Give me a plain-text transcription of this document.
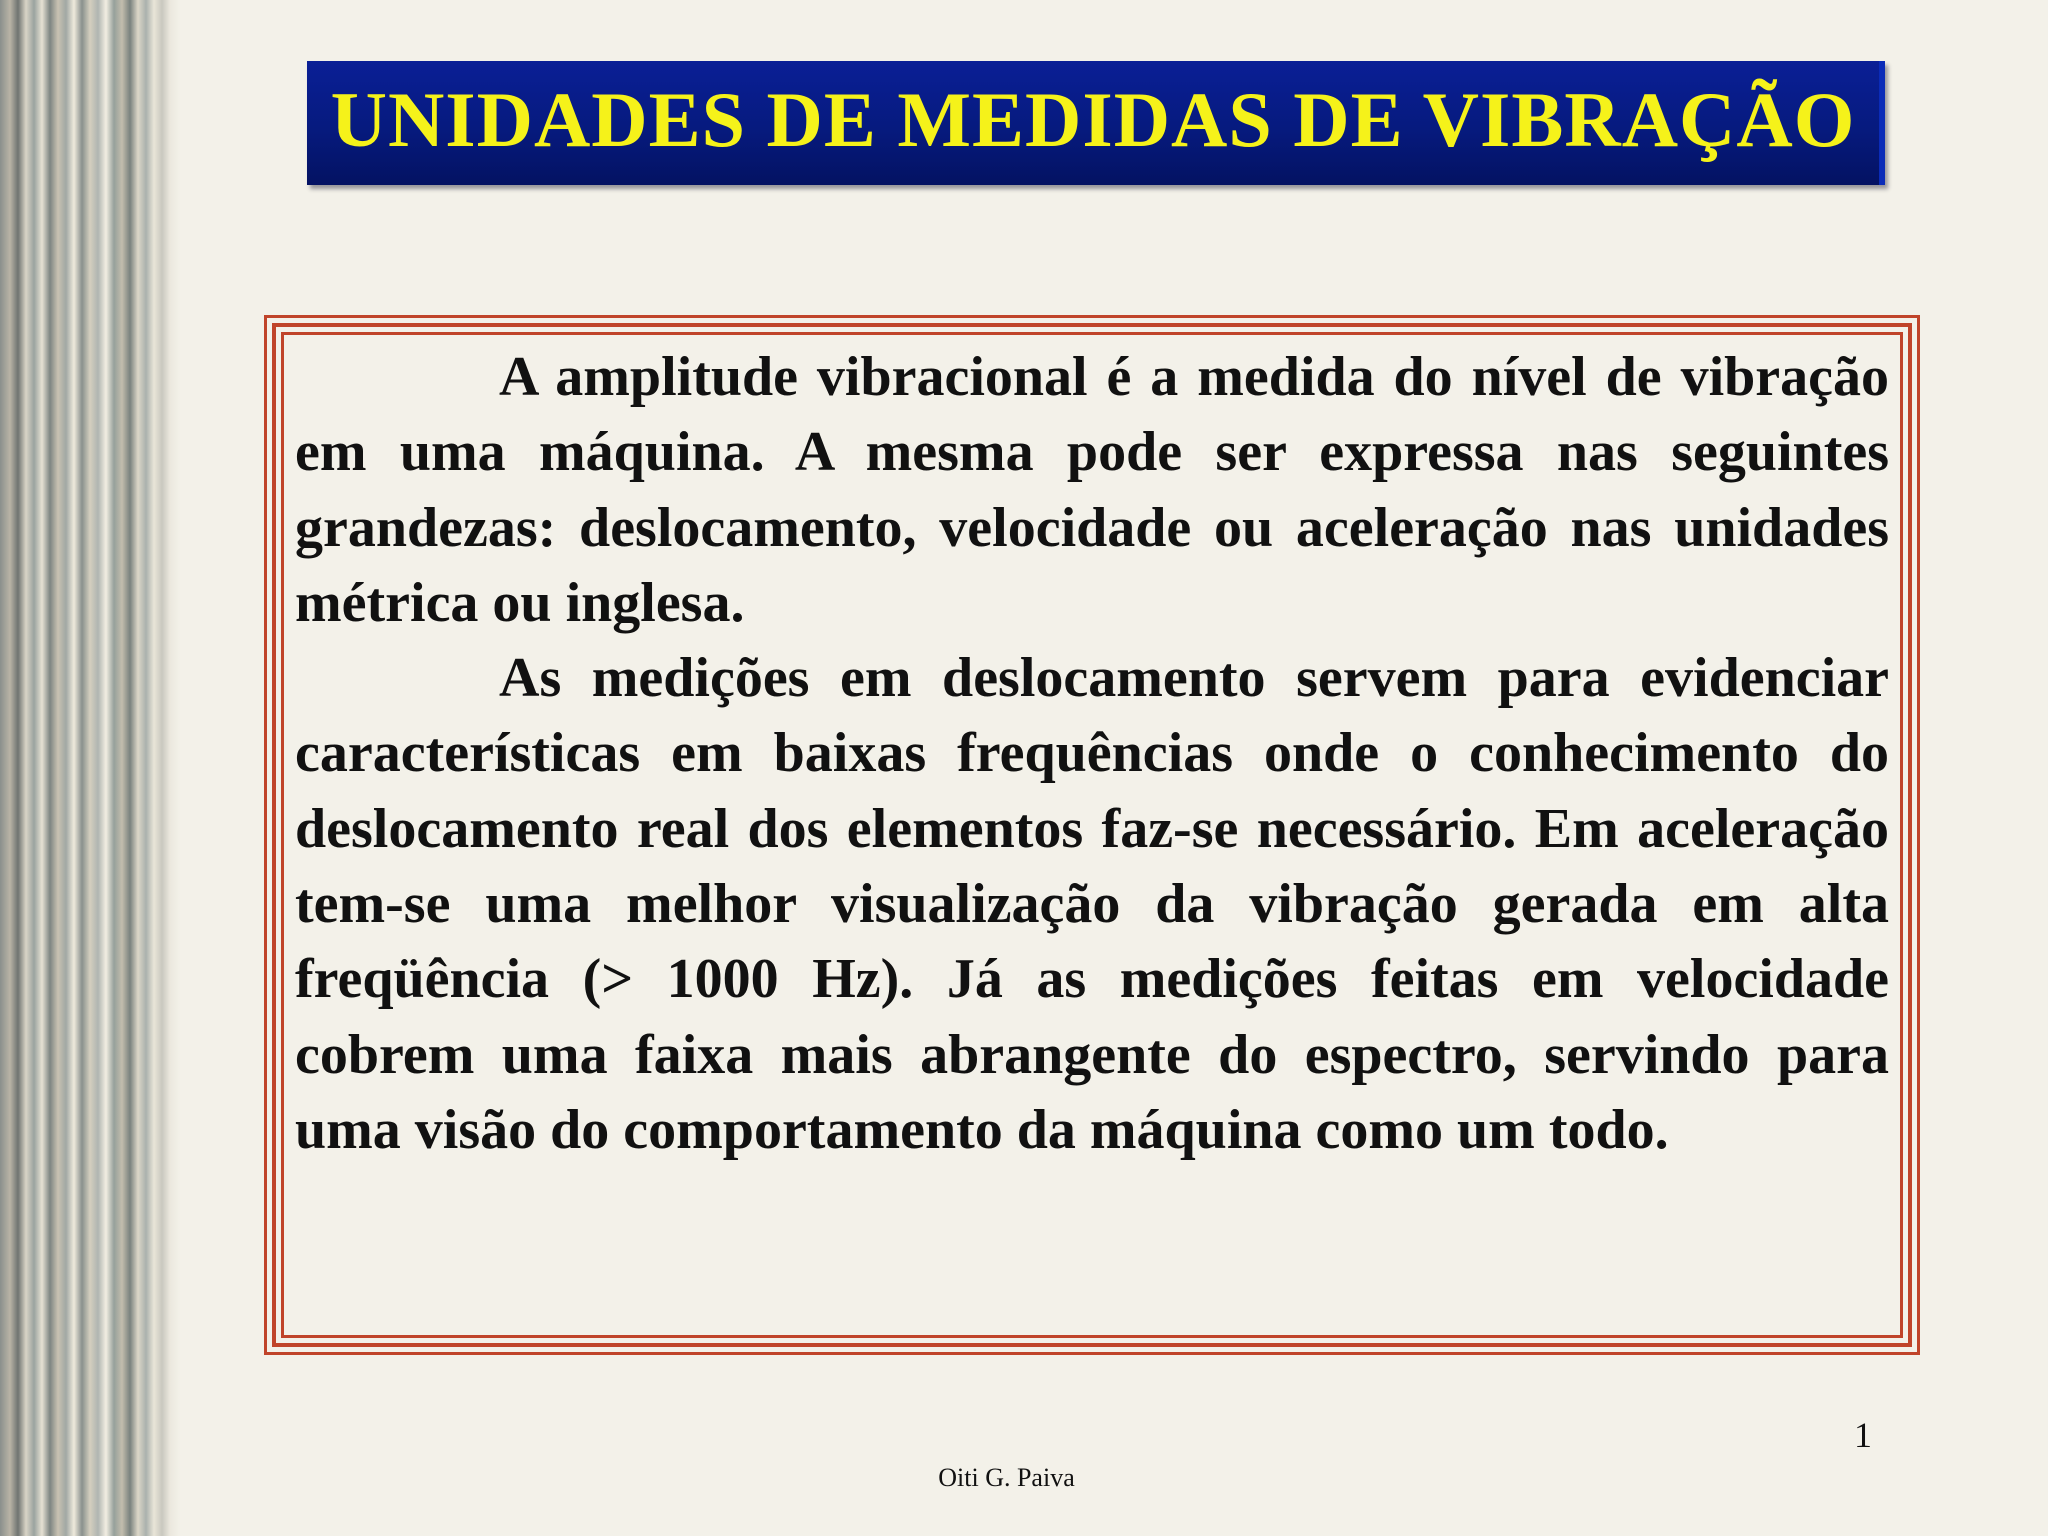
UNIDADES DE MEDIDAS DE VIBRAÇÃO

A amplitude vibracional é a medida do nível de vibração em uma máquina. A mesma pode ser expressa nas seguintes grandezas: deslocamento, velocidade ou aceleração nas unidades métrica ou inglesa.

As medições em deslocamento servem para evidenciar características em baixas frequências onde o conhecimento do deslocamento real dos elementos faz-se necessário. Em aceleração tem-se uma melhor visualização da vibração gerada em alta freqüência (> 1000 Hz). Já as medições feitas em velocidade cobrem uma faixa mais abrangente do espectro, servindo para uma visão do comportamento da máquina como um todo.

1
Oiti G. Paiva
